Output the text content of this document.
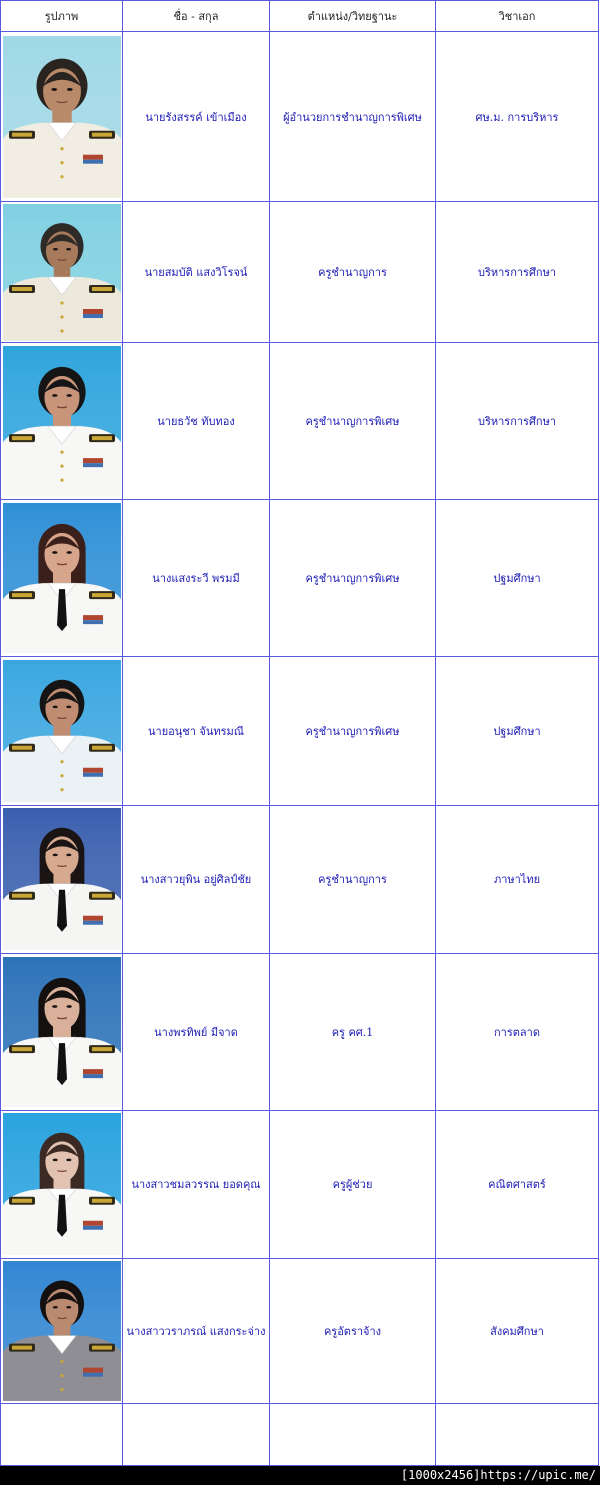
รูปภาพ	ชื่อ - สกุล	ตำแหน่ง/วิทยฐานะ	วิชาเอก

	นายรังสรรค์ เข้าเมือง	ผู้อำนวยการชำนาญการพิเศษ	ศษ.ม. การบริหาร

	นายสมบัติ แสงวิโรจน์	ครูชำนาญการ	บริหารการศึกษา

	นายธวัช ทับทอง	ครูชำนาญการพิเศษ	บริหารการศึกษา

	นางแสงระวี พรมมี	ครูชำนาญการพิเศษ	ปฐมศึกษา

	นายอนุชา จันทรมณี	ครูชำนาญการพิเศษ	ปฐมศึกษา

	นางสาวยุพิน อยู่ศิลป์ชัย	ครูชำนาญการ	ภาษาไทย

	นางพรทิพย์ มีจาด	ครู คศ.1	การตลาด

	นางสาวชมลวรรณ ยอดคุณ	ครูผู้ช่วย	คณิตศาสตร์

	นางสาววราภรณ์ แสงกระจ่าง	ครูอัตราจ้าง	สังคมศึกษา

[1000x2456]https://upic.me/
